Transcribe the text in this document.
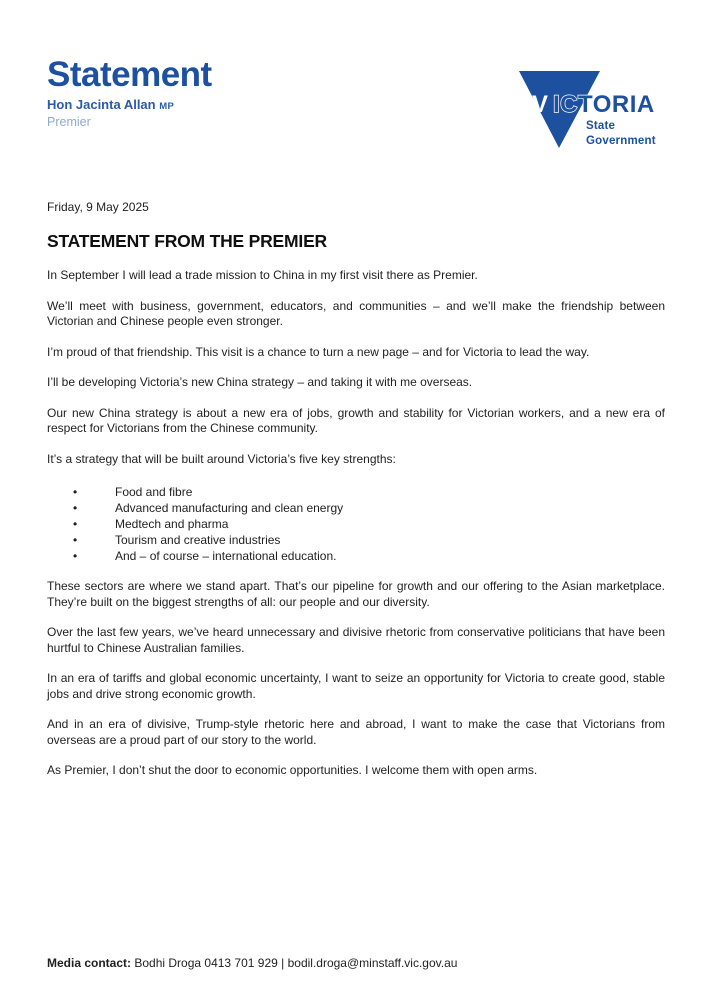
Statement
Hon Jacinta Allan MP
Premier
V ICTORIA
State
Government

Friday, 9 May 2025

STATEMENT FROM THE PREMIER

In September I will lead a trade mission to China in my first visit there as Premier.

We’ll meet with business, government, educators, and communities – and we’ll make the friendship between Victorian and Chinese people even stronger.

I’m proud of that friendship. This visit is a chance to turn a new page – and for Victoria to lead the way.

I’ll be developing Victoria’s new China strategy – and taking it with me overseas.

Our new China strategy is about a new era of jobs, growth and stability for Victorian workers, and a new era of respect for Victorians from the Chinese community.

It’s a strategy that will be built around Victoria’s five key strengths:

• Food and fibre
• Advanced manufacturing and clean energy
• Medtech and pharma
• Tourism and creative industries
• And – of course – international education.

These sectors are where we stand apart. That’s our pipeline for growth and our offering to the Asian marketplace. They’re built on the biggest strengths of all: our people and our diversity.

Over the last few years, we’ve heard unnecessary and divisive rhetoric from conservative politicians that have been hurtful to Chinese Australian families.

In an era of tariffs and global economic uncertainty, I want to seize an opportunity for Victoria to create good, stable jobs and drive strong economic growth.

And in an era of divisive, Trump-style rhetoric here and abroad, I want to make the case that Victorians from overseas are a proud part of our story to the world.

As Premier, I don’t shut the door to economic opportunities. I welcome them with open arms.

Media contact: Bodhi Droga 0413 701 929 | bodil.droga@minstaff.vic.gov.au
